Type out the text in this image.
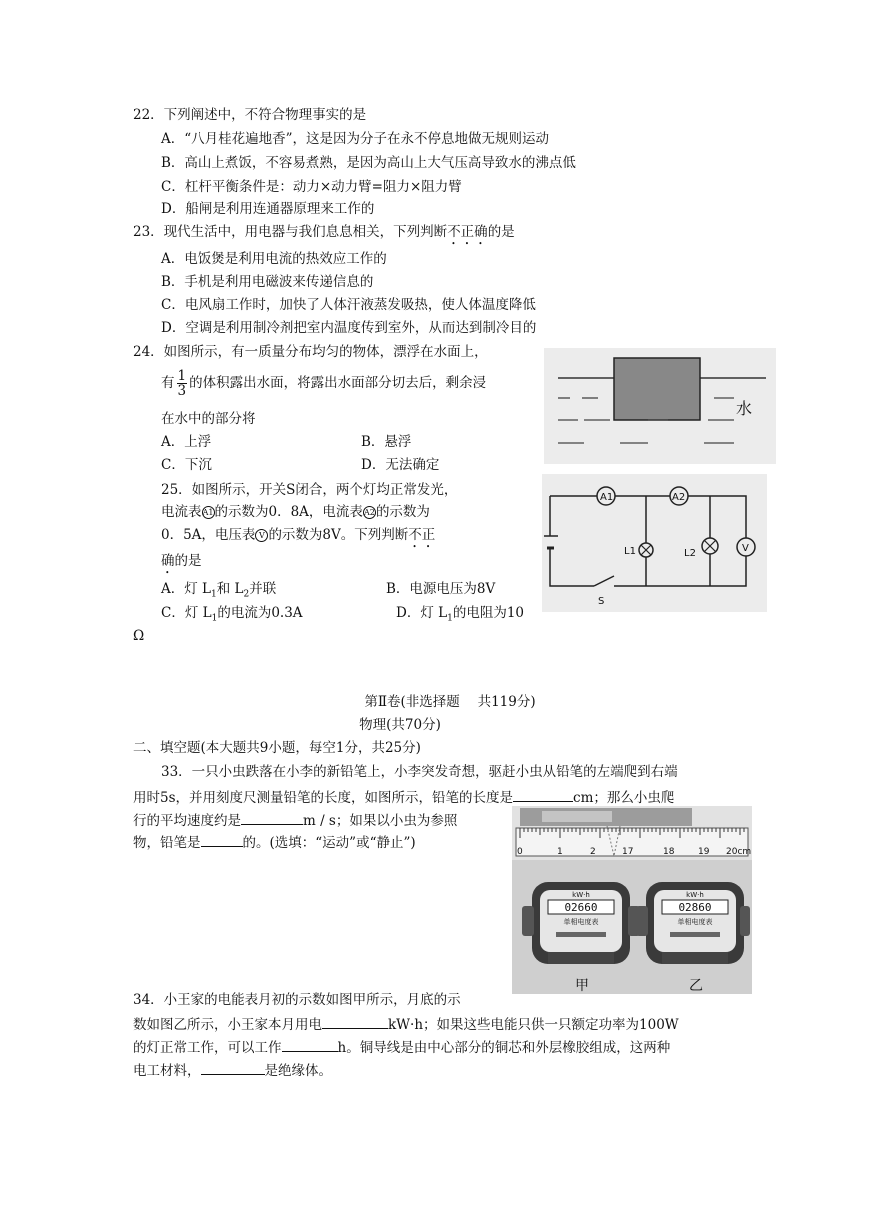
22．下列阐述中，不符合物理事实的是
A．“八月桂花遍地香”，这是因为分子在永不停息地做无规则运动
B．高山上煮饭，不容易煮熟，是因为高山上大气压高导致水的沸点低
C．杠杆平衡条件是：动力×动力臂=阻力×阻力臂
D．船闸是利用连通器原理来工作的
23．现代生活中，用电器与我们息息相关，下列判断不正确的是
A．电饭煲是利用电流的热效应工作的
B．手机是利用电磁波来传递信息的
C．电风扇工作时，加快了人体汗液蒸发吸热，使人体温度降低
D．空调是利用制冷剂把室内温度传到室外，从而达到制冷目的
24．如图所示，有一质量分布均匀的物体，漂浮在水面上，
有 $\frac{1}{3}$ 的体积露出水面，将露出水面部分切去后，剩余浸
在水中的部分将
A．上浮	B．悬浮
C．下沉	D．无法确定
水
25．如图所示，开关S闭合，两个灯均正常发光，
电流表A1的示数为0．8A，电流表A2的示数为
0．5A，电压表 V 的示数为8V。下列判断不正
确的是
A．灯 $L_1$和 $L_2$并联	B．电源电压为8V
C．灯 $L_1$的电流为0.3A	D．灯 $L_1$的电阻为10
Ω
A1	A2
V
L1	L2
S
第Ⅱ卷(非选择题　 共119分)
物理(共70分)
二、填空题(本大题共9小题，每空1分，共25分)
33．一只小虫跌落在小李的新铅笔上，小李突发奇想，驱赶小虫从铅笔的左端爬到右端
用时5s，并用刻度尺测量铅笔的长度，如图所示，铅笔的长度是	cm；那么小虫爬
行的平均速度约是	m / s；如果以小虫为参照
物，铅笔是	的。(选填：“运动”或“静止”)
0	1	2	17	18	19 20cm
kW·h
02660
单相电度表
kW·h
02860
单相电度表
甲	乙
34．小王家的电能表月初的示数如图甲所示，月底的示
数如图乙所示，小王家本月用电	kW·h；如果这些电能只供一只额定功率为100W
的灯正常工作，可以工作	h。铜导线是由中心部分的铜芯和外层橡胶组成，这两种
电工材料，	是绝缘体。
